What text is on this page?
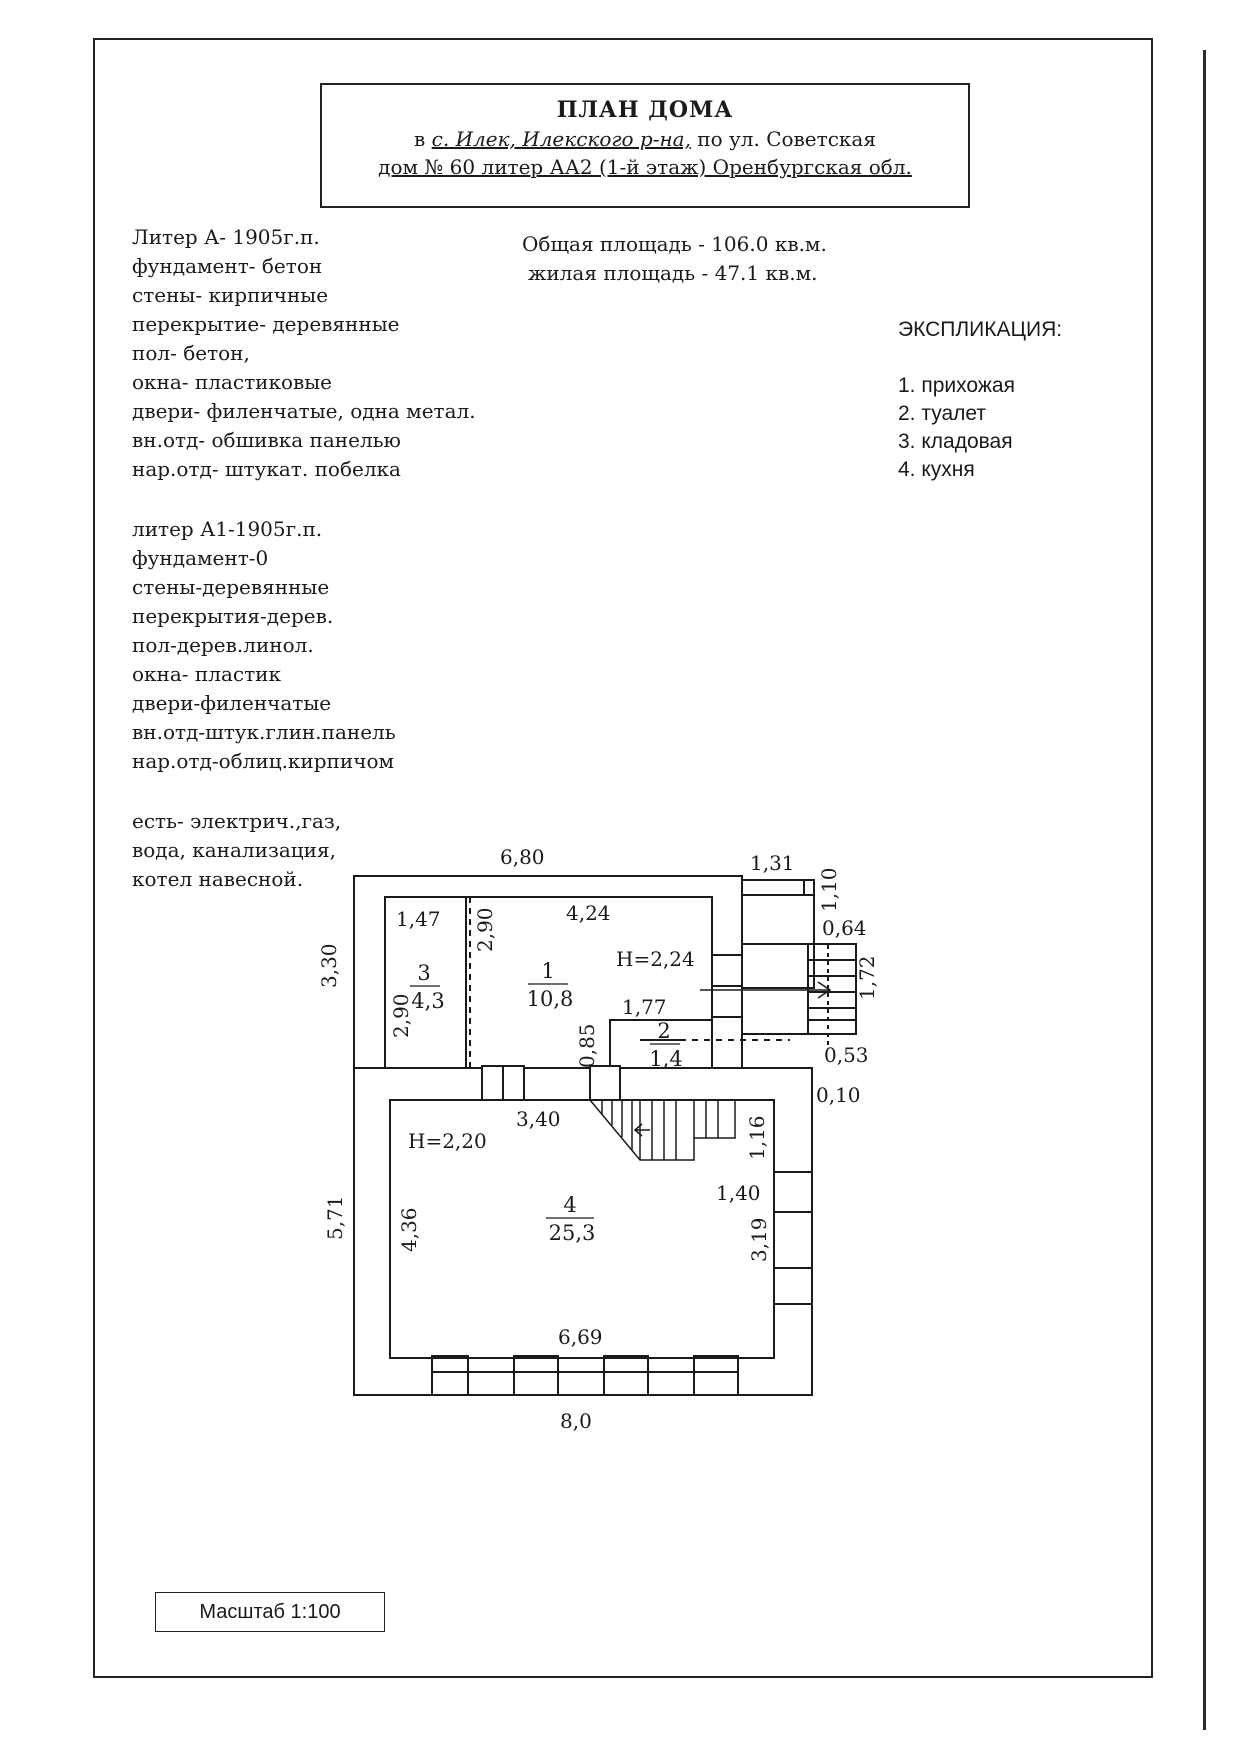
ПЛАН ДОМА
в с. Илек, Илекского р-на, по ул. Советская
дом № 60 литер АА2 (1-й этаж) Оренбургская обл.
Литер А- 1905г.п.
фундамент- бетон
стены- кирпичные
перекрытие- деревянные
пол- бетон,
окна- пластиковые
двери- филенчатые, одна метал.
вн.отд- обшивка панелью
нар.отд- штукат. побелка
литер А1-1905г.п.
фундамент-0
стены-деревянные
перекрытия-дерев.
пол-дерев.линол.
окна- пластик
двери-филенчатые
вн.отд-штук.глин.панель
нар.отд-облиц.кирпичом
есть- электрич.,газ,
вода, канализация,
котел навесной.
Общая площадь - 106.0 кв.м.
жилая площадь - 47.1 кв.м.
ЭКСПЛИКАЦИЯ:
1. прихожая
2. туалет
3. кладовая
4. кухня
6,80	1,31
1,10
0,64
1,72
0,53
0,10
3,30
5,71
8,0
1,47 2,90
2,90
4,24
H=2,24
1,77
0,85
H=2,20
3,40	1,16
1,40
4,36	3,19
6,69
3
4,3
1
10,8
2
1,4
4
25,3
Масштаб 1:100
